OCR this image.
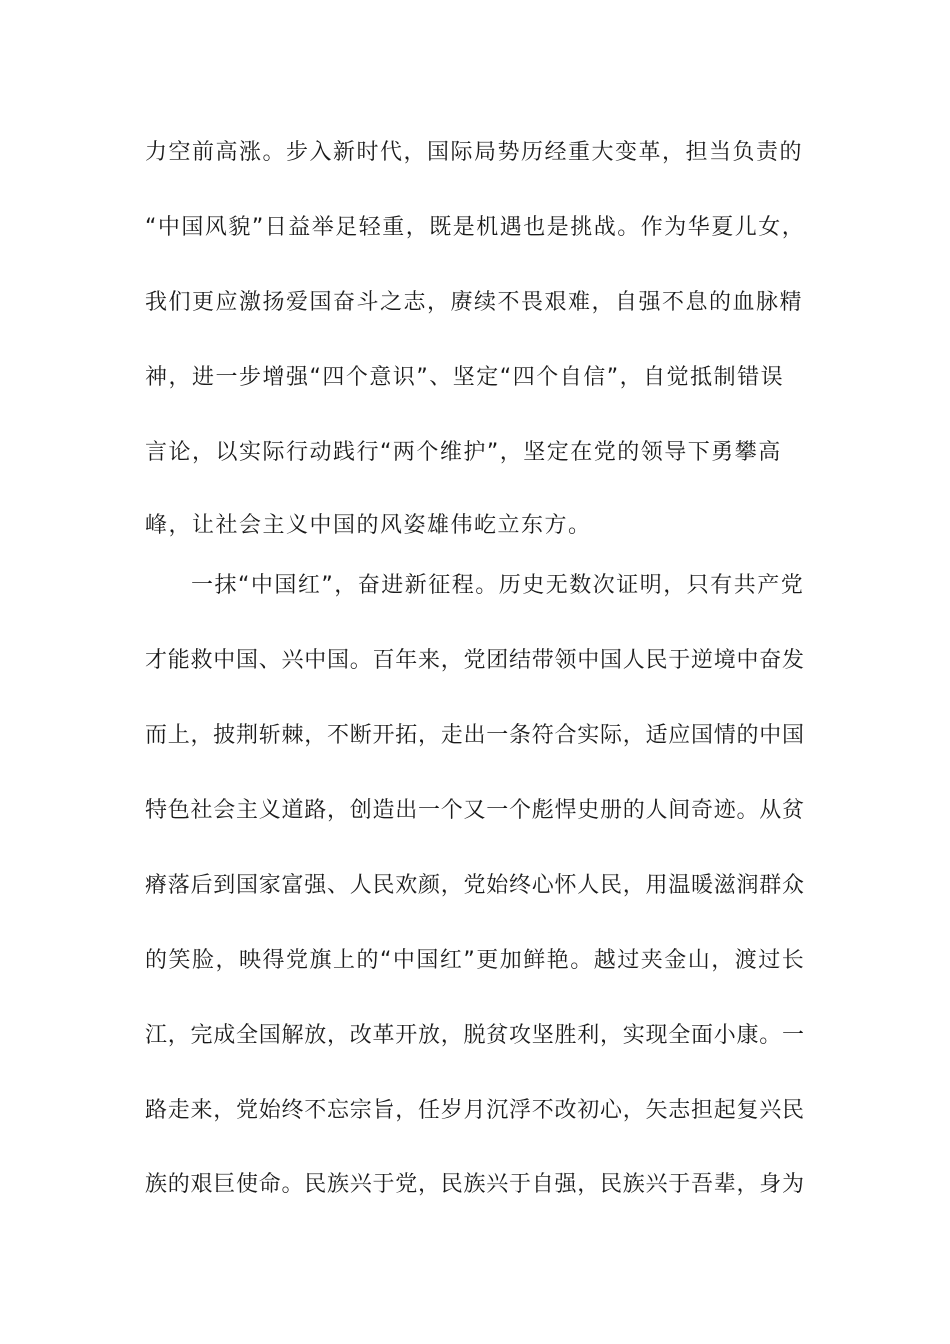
力空前高涨。步入新时代，国际局势历经重大变革，担当负责的
“中国风貌”日益举足轻重，既是机遇也是挑战。作为华夏儿女，
我们更应激扬爱国奋斗之志，赓续不畏艰难，自强不息的血脉精
神，进一步增强“四个意识”、坚定“四个自信”，自觉抵制错误
言论，以实际行动践行“两个维护”，坚定在党的领导下勇攀高
峰，让社会主义中国的风姿雄伟屹立东方。
一抹“中国红”，奋进新征程。历史无数次证明，只有共产党
才能救中国、兴中国。百年来，党团结带领中国人民于逆境中奋发
而上，披荆斩棘，不断开拓，走出一条符合实际，适应国情的中国
特色社会主义道路，创造出一个又一个彪悍史册的人间奇迹。从贫
瘠落后到国家富强、人民欢颜，党始终心怀人民，用温暖滋润群众
的笑脸，映得党旗上的“中国红”更加鲜艳。越过夹金山，渡过长
江，完成全国解放，改革开放，脱贫攻坚胜利，实现全面小康。一
路走来，党始终不忘宗旨，任岁月沉浮不改初心，矢志担起复兴民
族的艰巨使命。民族兴于党，民族兴于自强，民族兴于吾辈，身为
